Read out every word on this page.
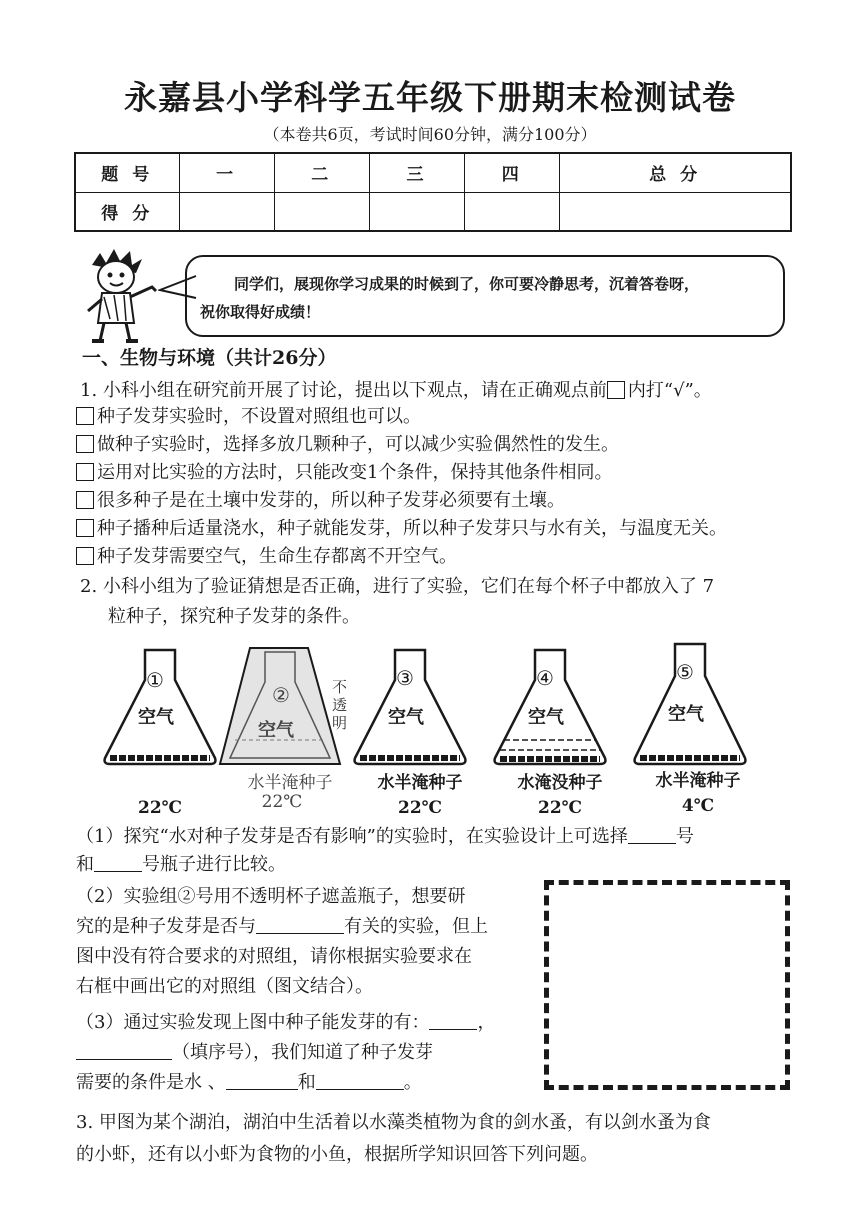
永嘉县小学科学五年级下册期末检测试卷
（本卷共6页，考试时间60分钟，满分100分）
题 号	一	二	三	四	总 分
得 分					
同学们，展现你学习成果的时候到了，你可要冷静思考，沉着答卷呀，
祝你取得好成绩！
一、生物与环境（共计26分）
1. 小科小组在研究前开展了讨论，提出以下观点，请在正确观点前 内打“√”。
种子发芽实验时，不设置对照组也可以。
做种子实验时，选择多放几颗种子，可以减少实验偶然性的发生。
运用对比实验的方法时，只能改变1个条件，保持其他条件相同。
很多种子是在土壤中发芽的，所以种子发芽必须要有土壤。
种子播种后适量浇水，种子就能发芽，所以种子发芽只与水有关，与温度无关。
种子发芽需要空气，生命生存都离不开空气。
2. 小科小组为了验证猜想是否正确，进行了实验，它们在每个杯子中都放入了 7
粒种子，探究种子发芽的条件。
①
空气
②
空气
不透明
③
空气
④
空气
⑤
空气
水半淹种子	水半淹种子	水淹没种子	水半淹种子
22℃	22℃	22℃	22℃	4℃
（1）探究“水对种子发芽是否有影响”的实验时，在实验设计上可选择	号
和	号瓶子进行比较。
（2）实验组②号用不透明杯子遮盖瓶子，想要研
究的是种子发芽是否与	有关的实验，但上
图中没有符合要求的对照组，请你根据实验要求在
右框中画出它的对照组（图文结合）。
（3）通过实验发现上图中种子能发芽的有：	，
（填序号），我们知道了种子发芽
需要的条件是水 、	和	。
3. 甲图为某个湖泊，湖泊中生活着以水藻类植物为食的剑水蚤，有以剑水蚤为食
的小虾，还有以小虾为食物的小鱼，根据所学知识回答下列问题。
